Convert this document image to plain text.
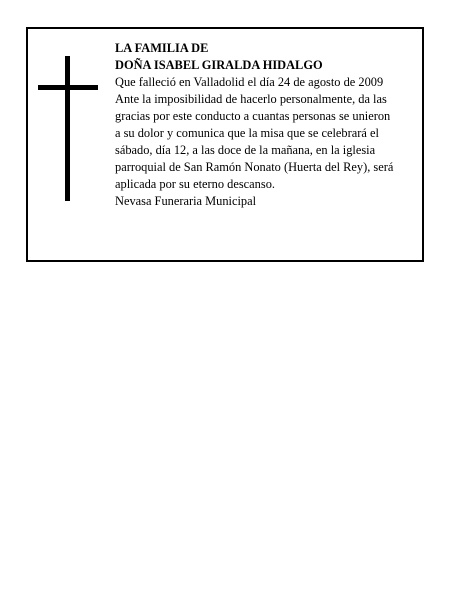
LA FAMILIA DE
DOÑA ISABEL GIRALDA HIDALGO
Que falleció en Valladolid el día 24 de agosto de 2009
Ante la imposibilidad de hacerlo personalmente, da las
gracias por este conducto a cuantas personas se unieron
a su dolor y comunica que la misa que se celebrará el
sábado, día 12, a las doce de la mañana, en la iglesia
parroquial de San Ramón Nonato (Huerta del Rey), será
aplicada por su eterno descanso.
Nevasa Funeraria Municipal
